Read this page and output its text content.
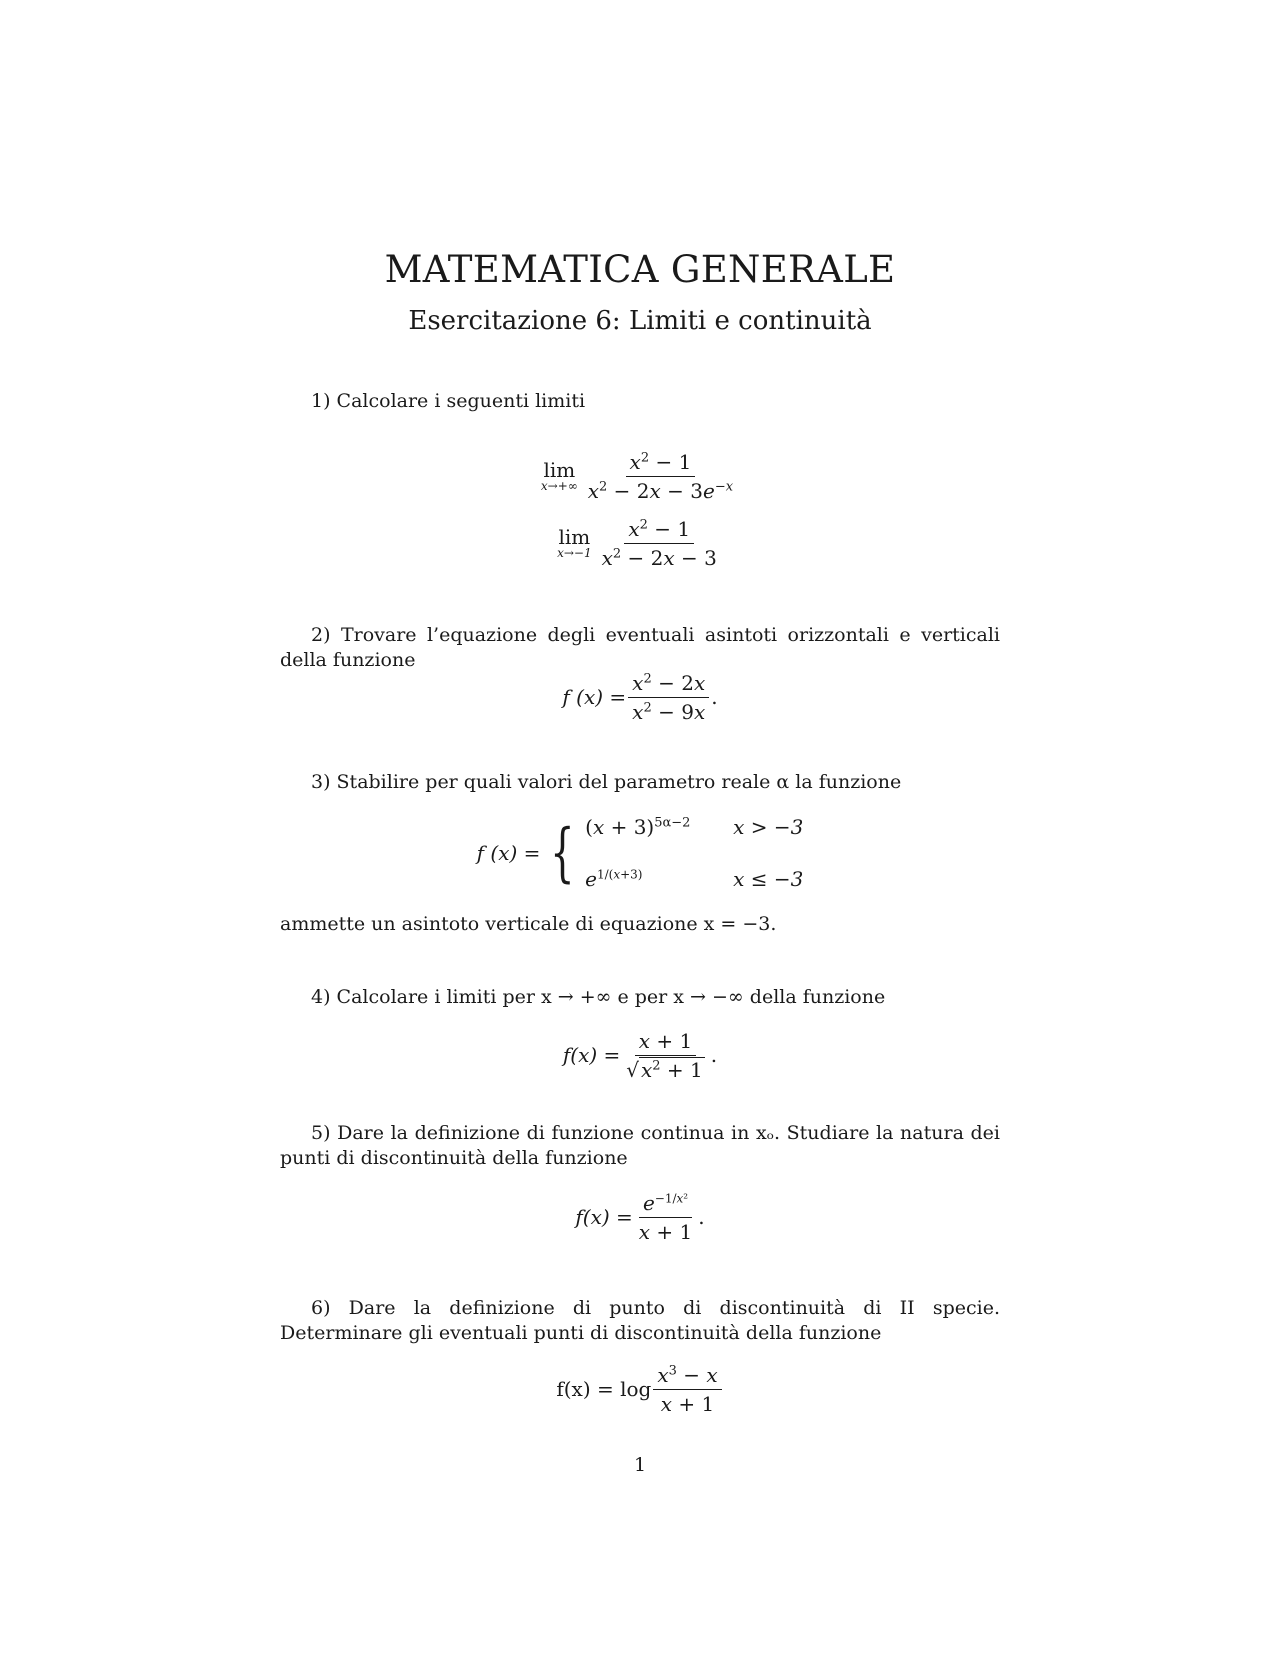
MATEMATICA GENERALE
Esercitazione 6: Limiti e continuità
1) Calcolare i seguenti limiti
lim
$x\to+\infty \frac{x^2 - 1}{x^2 - 2x - 3e^{-x}}$
lim
$x\to-1 \frac{x^2 - 1}{x^2 - 2x - 3}$
2) Trovare l’equazione degli eventuali asintoti orizzontali e verticali della funzione
f $(x) = \frac{x^2 - 2x}{x^2 - 9x}$ .
3) Stabilire per quali valori del parametro reale α la funzione
f (x) = { $(x + 3)^{5\alpha-2}$	x > −3
$e^{1/(x+3)}$	x ≤ −3
ammette un asintoto verticale di equazione x = −3.
4) Calcolare i limiti per x → +∞ e per x → −∞ della funzione
$f(x) = \frac{x + 1}{√ x^2 + 1}$ .
5) Dare la definizione di funzione continua in xₒ. Studiare la natura dei punti di discontinuità della funzione
$f(x) = \frac{e^{-1/x^2}}{x + 1}$ .
6) Dare la definizione di punto di discontinuità di II specie. Determinare gli eventuali punti di discontinuità della funzione
$f(x) = \log \frac{x^3 - x}{x + 1}$
1
